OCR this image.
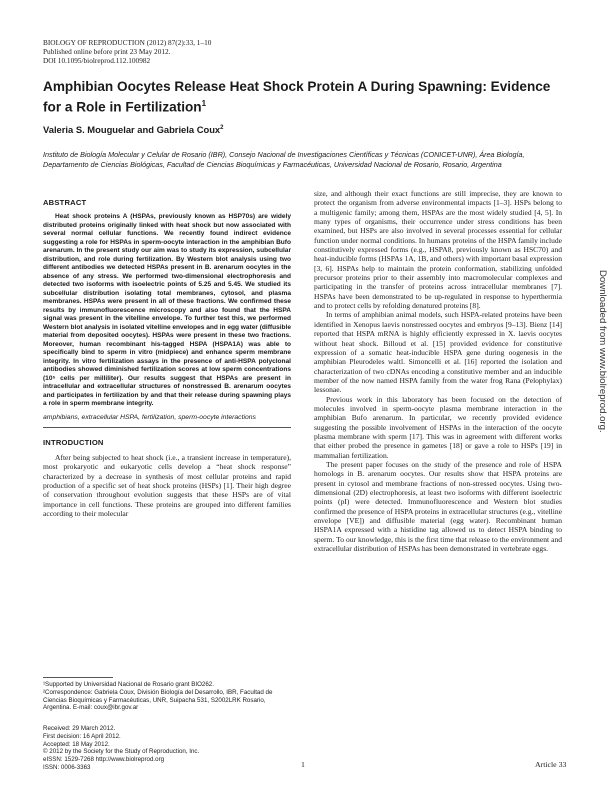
BIOLOGY OF REPRODUCTION (2012) 87(2):33, 1–10
Published online before print 23 May 2012.
DOI 10.1095/biolreprod.112.100982
Amphibian Oocytes Release Heat Shock Protein A During Spawning: Evidence for a Role in Fertilization$^1$
Valeria S. Mouguelar and Gabriela Coux$^2$
Instituto de Biología Molecular y Celular de Rosario (IBR), Consejo Nacional de Investigaciones Científicas y Técnicas (CONICET-UNR), Área Biología, Departamento de Ciencias Biológicas, Facultad de Ciencias Bioquímicas y Farmacéuticas, Universidad Nacional de Rosario, Rosario, Argentina
ABSTRACT

Heat shock proteins A (HSPAs, previously known as HSP70s) are widely distributed proteins originally linked with heat shock but now associated with several normal cellular functions. We recently found indirect evidence suggesting a role for HSPAs in sperm-oocyte interaction in the amphibian Bufo arenarum. In the present study our aim was to study its expression, subcellular distribution, and role during fertilization. By Western blot analysis using two different antibodies we detected HSPAs present in B. arenarum oocytes in the absence of any stress. We performed two-dimensional electrophoresis and detected two isoforms with isoelectric points of 5.25 and 5.45. We studied its subcellular distribution isolating total membranes, cytosol, and plasma membranes. HSPAs were present in all of these fractions. We confirmed these results by immunofluorescence microscopy and also found that the HSPA signal was present in the vitelline envelope. To further test this, we performed Western blot analysis in isolated vitelline envelopes and in egg water (diffusible material from deposited oocytes). HSPAs were present in these two fractions. Moreover, human recombinant his-tagged HSPA (HSPA1A) was able to specifically bind to sperm in vitro (midpiece) and enhance sperm membrane integrity. In vitro fertilization assays in the presence of anti-HSPA polyclonal antibodies showed diminished fertilization scores at low sperm concentrations (10⁵ cells per milliliter). Our results suggest that HSPAs are present in intracellular and extracellular structures of nonstressed B. arenarum oocytes and participates in fertilization by and that their release during spawning plays a role in sperm membrane integrity.

amphibians, extracellular HSPA, fertilization, sperm-oocyte interactions

INTRODUCTION

After being subjected to heat shock (i.e., a transient increase in temperature), most prokaryotic and eukaryotic cells develop a “heat shock response” characterized by a decrease in synthesis of most cellular proteins and rapid production of a specific set of heat shock proteins (HSPs) [1]. Their high degree of conservation throughout evolution suggests that these HSPs are of vital importance in cell functions. These proteins are grouped into different families according to their molecular

size, and although their exact functions are still imprecise, they are known to protect the organism from adverse environmental impacts [1–3]. HSPs belong to a multigenic family; among them, HSPAs are the most widely studied [4, 5]. In many types of organisms, their occurrence under stress conditions has been examined, but HSPs are also involved in several processes essential for cellular function under normal conditions. In humans proteins of the HSPA family include constitutively expressed forms (e.g., HSPA8, previously known as HSC70) and heat-inducible forms (HSPAs 1A, 1B, and others) with important basal expression [3, 6]. HSPAs help to maintain the protein conformation, stabilizing unfolded precursor proteins prior to their assembly into macromolecular complexes and participating in the transfer of proteins across intracellular membranes [7]. HSPAs have been demonstrated to be up-regulated in response to hyperthermia and to protect cells by refolding denatured proteins [8].

In terms of amphibian animal models, such HSPA-related proteins have been identified in Xenopus laevis nonstressed oocytes and embryos [9–13]. Bienz [14] reported that HSPA mRNA is highly efficiently expressed in X. laevis oocytes without heat shock. Billoud et al. [15] provided evidence for constitutive expression of a somatic heat-inducible HSPA gene during oogenesis in the amphibian Pleurodeles waltl. Simoncelli et al. [16] reported the isolation and characterization of two cDNAs encoding a constitutive member and an inducible member of the now named HSPA family from the water frog Rana (Pelophylax) lessonae.

Previous work in this laboratory has been focused on the detection of molecules involved in sperm-oocyte plasma membrane interaction in the amphibian Bufo arenarum. In particular, we recently provided evidence suggesting the possible involvement of HSPAs in the interaction of the oocyte plasma membrane with sperm [17]. This was in agreement with different works that either probed the presence in gametes [18] or gave a role to HSPs [19] in mammalian fertilization.

The present paper focuses on the study of the presence and role of HSPA homologs in B. arenarum oocytes. Our results show that HSPA proteins are present in cytosol and membrane fractions of non-stressed oocytes. Using two-dimensional (2D) electrophoresis, at least two isoforms with different isoelectric points (pI) were detected. Immunofluorescence and Western blot studies confirmed the presence of HSPA proteins in extracellular structures (e.g., vitelline envelope [VE]) and diffusible material (egg water). Recombinant human HSPA1A expressed with a histidine tag allowed us to detect HSPA binding to sperm. To our knowledge, this is the first time that release to the environment and extracellular distribution of HSPAs has been demonstrated in vertebrate eggs.

¹Supported by Universidad Nacional de Rosario grant BIO262.
²Correspondence: Gabriela Coux, División Biología del Desarrollo, IBR, Facultad de Ciencias Bioquímicas y Farmacéuticas, UNR, Suipacha 531, S2002LRK Rosario, Argentina. E-mail: coux@ibr.gov.ar
Received: 29 March 2012.
First decision: 16 April 2012.
Accepted: 18 May 2012.
© 2012 by the Society for the Study of Reproduction, Inc.
eISSN: 1529-7268 http://www.biolreprod.org
ISSN: 0006-3363	1	Article 33
Downloaded from www.biolreprod.org.
